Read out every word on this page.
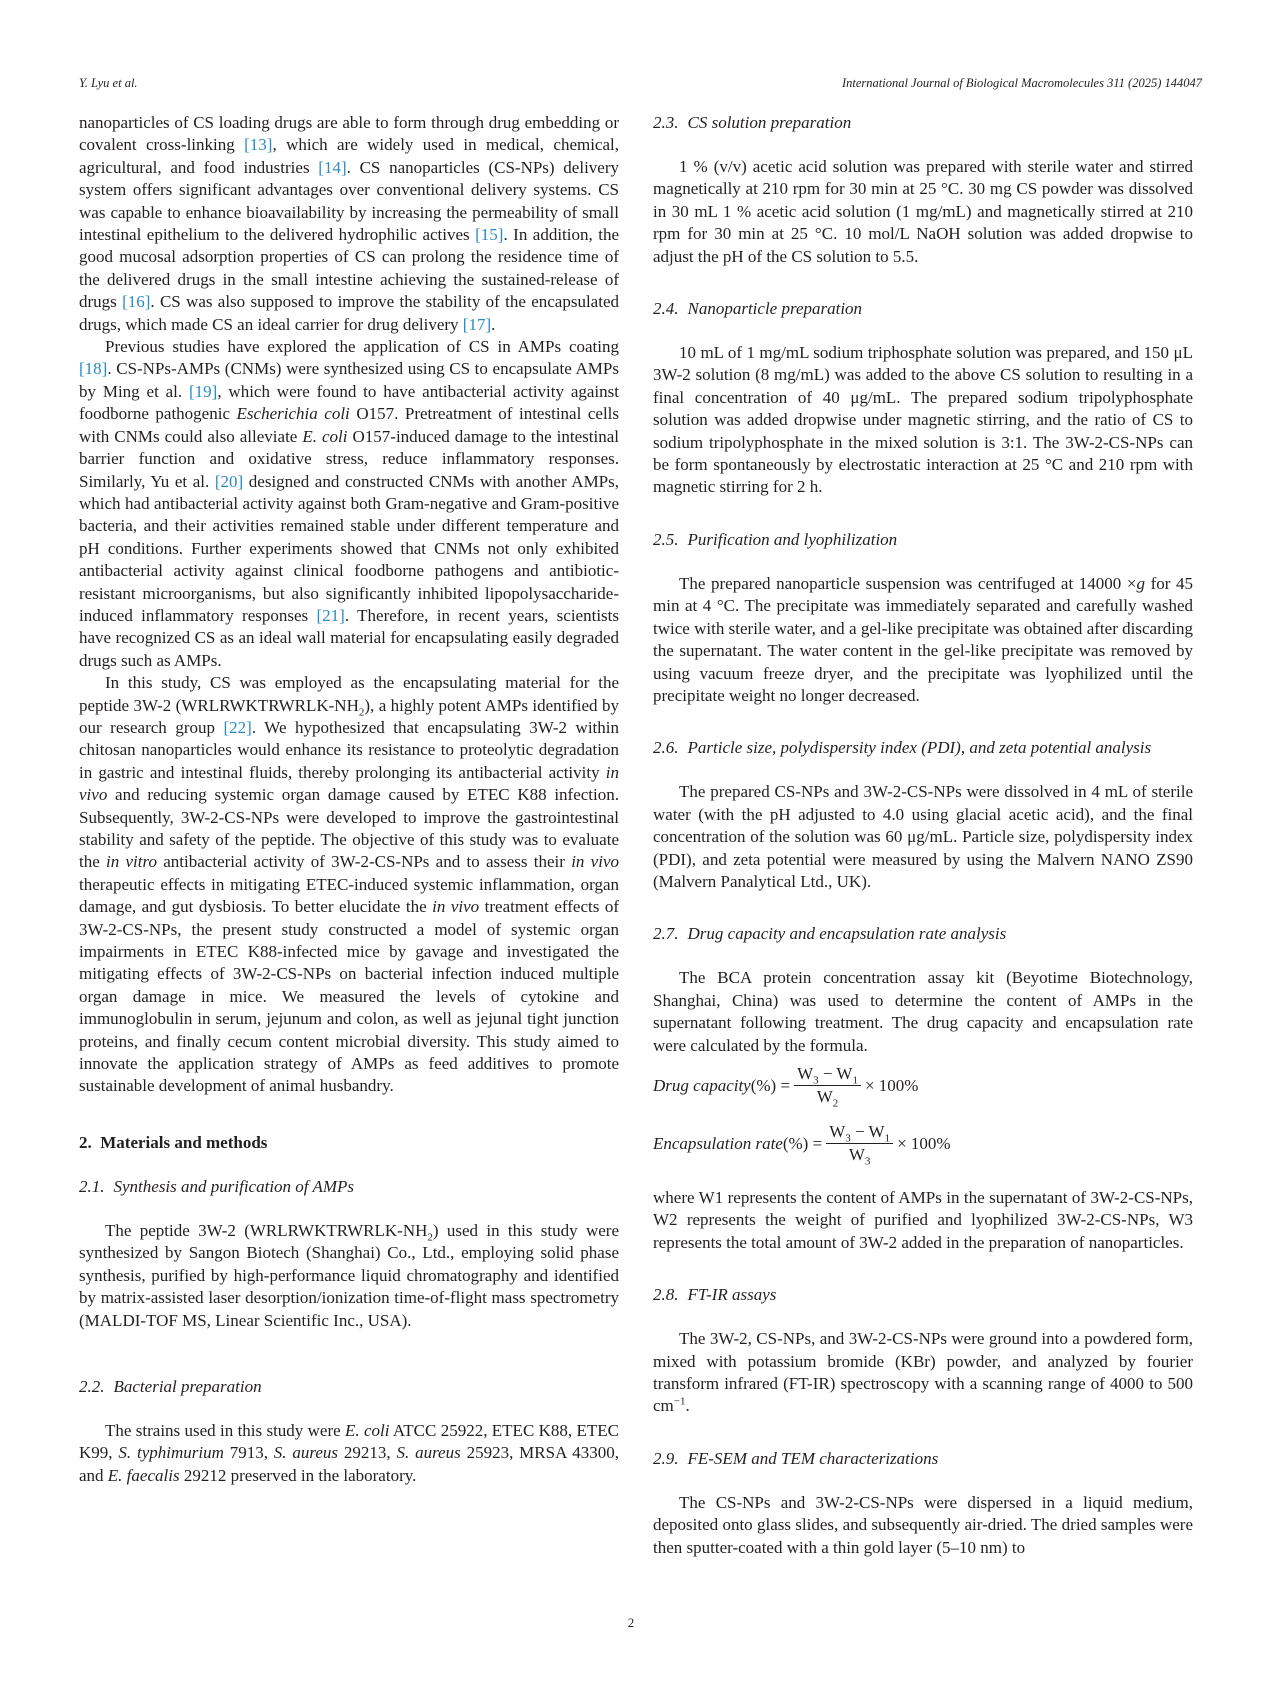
Y. Lyu et al.	International Journal of Biological Macromolecules 311 (2025) 144047

nanoparticles of CS loading drugs are able to form through drug embedding or covalent cross-linking [13], which are widely used in medical, chemical, agricultural, and food industries [14]. CS nanoparticles (CS-NPs) delivery system offers significant advantages over conventional delivery systems. CS was capable to enhance bioavailability by increasing the permeability of small intestinal epithelium to the delivered hydrophilic actives [15]. In addition, the good mucosal adsorption properties of CS can prolong the residence time of the delivered drugs in the small intestine achieving the sustained-release of drugs [16]. CS was also supposed to improve the stability of the encapsulated drugs, which made CS an ideal carrier for drug delivery [17].

Previous studies have explored the application of CS in AMPs coating [18]. CS-NPs-AMPs (CNMs) were synthesized using CS to encapsulate AMPs by Ming et al. [19], which were found to have antibacterial activity against foodborne pathogenic Escherichia coli O157. Pretreatment of intestinal cells with CNMs could also alleviate E. coli O157-induced damage to the intestinal barrier function and oxidative stress, reduce inflammatory responses. Similarly, Yu et al. [20] designed and constructed CNMs with another AMPs, which had antibacterial activity against both Gram-negative and Gram-positive bacteria, and their activities remained stable under different temperature and pH conditions. Further experiments showed that CNMs not only exhibited antibacterial activity against clinical foodborne pathogens and antibiotic-resistant microorganisms, but also significantly inhibited lipopolysaccharide-induced inflammatory responses [21]. Therefore, in recent years, scientists have recognized CS as an ideal wall material for encapsulating easily degraded drugs such as AMPs.

In this study, CS was employed as the encapsulating material for the peptide 3W-2 $(WRLRWKTRWRLK-NH_2)$, a highly potent AMPs identified by our research group [22]. We hypothesized that encapsulating 3W-2 within chitosan nanoparticles would enhance its resistance to proteolytic degradation in gastric and intestinal fluids, thereby prolonging its antibacterial activity in vivo and reducing systemic organ damage caused by ETEC K88 infection. Subsequently, 3W-2-CS-NPs were developed to improve the gastrointestinal stability and safety of the peptide. The objective of this study was to evaluate the in vitro antibacterial activity of 3W-2-CS-NPs and to assess their in vivo therapeutic effects in mitigating ETEC-induced systemic inflammation, organ damage, and gut dysbiosis. To better elucidate the in vivo treatment effects of 3W-2-CS-NPs, the present study constructed a model of systemic organ impairments in ETEC K88-infected mice by gavage and investigated the mitigating effects of 3W-2-CS-NPs on bacterial infection induced multiple organ damage in mice. We measured the levels of cytokine and immunoglobulin in serum, jejunum and colon, as well as jejunal tight junction proteins, and finally cecum content microbial diversity. This study aimed to innovate the application strategy of AMPs as feed additives to promote sustainable development of animal husbandry.

2. Materials and methods
2.1. Synthesis and purification of AMPs

The peptide 3W-2 $(WRLRWKTRWRLK-NH_2)$ used in this study were synthesized by Sangon Biotech (Shanghai) Co., Ltd., employing solid phase synthesis, purified by high-performance liquid chromatography and identified by matrix-assisted laser desorption/ionization time-of-flight mass spectrometry (MALDI-TOF MS, Linear Scientific Inc., USA).

2.2. Bacterial preparation

The strains used in this study were E. coli ATCC 25922, ETEC K88, ETEC K99, S. typhimurium 7913, S. aureus 29213, S. aureus 25923, MRSA 43300, and E. faecalis 29212 preserved in the laboratory.

2.3. CS solution preparation

1 % (v/v) acetic acid solution was prepared with sterile water and stirred magnetically at 210 rpm for 30 min at 25 °C. 30 mg CS powder was dissolved in 30 mL 1 % acetic acid solution (1 mg/mL) and magnetically stirred at 210 rpm for 30 min at 25 °C. 10 mol/L NaOH solution was added dropwise to adjust the pH of the CS solution to 5.5.

2.4. Nanoparticle preparation

10 mL of 1 mg/mL sodium triphosphate solution was prepared, and 150 μL 3W-2 solution (8 mg/mL) was added to the above CS solution to resulting in a final concentration of 40 μg/mL. The prepared sodium tripolyphosphate solution was added dropwise under magnetic stirring, and the ratio of CS to sodium tripolyphosphate in the mixed solution is 3:1. The 3W-2-CS-NPs can be form spontaneously by electrostatic interaction at 25 °C and 210 rpm with magnetic stirring for 2 h.

2.5. Purification and lyophilization

The prepared nanoparticle suspension was centrifuged at 14000 ×g for 45 min at 4 °C. The precipitate was immediately separated and carefully washed twice with sterile water, and a gel-like precipitate was obtained after discarding the supernatant. The water content in the gel-like precipitate was removed by using vacuum freeze dryer, and the precipitate was lyophilized until the precipitate weight no longer decreased.

2.6. Particle size, polydispersity index (PDI), and zeta potential analysis

The prepared CS-NPs and 3W-2-CS-NPs were dissolved in 4 mL of sterile water (with the pH adjusted to 4.0 using glacial acetic acid), and the final concentration of the solution was 60 μg/mL. Particle size, polydispersity index (PDI), and zeta potential were measured by using the Malvern NANO ZS90 (Malvern Panalytical Ltd., UK).

2.7. Drug capacity and encapsulation rate analysis

The BCA protein concentration assay kit (Beyotime Biotechnology, Shanghai, China) was used to determine the content of AMPs in the supernatant following treatment. The drug capacity and encapsulation rate were calculated by the formula.

Drug capacity (%) = $\frac{W_3 - W_1}{W_2} \times 100\%$
Encapsulation rate (%) = $\frac{W_3 - W_1}{W_3} \times 100\%$

where W1 represents the content of AMPs in the supernatant of 3W-2-CS-NPs, W2 represents the weight of purified and lyophilized 3W-2-CS-NPs, W3 represents the total amount of 3W-2 added in the preparation of nanoparticles.

2.8. FT-IR assays

The 3W-2, CS-NPs, and 3W-2-CS-NPs were ground into a powdered form, mixed with potassium bromide (KBr) powder, and analyzed by fourier transform infrared (FT-IR) spectroscopy with a scanning range of 4000 to 500 $cm^{-1}$.

2.9. FE-SEM and TEM characterizations

The CS-NPs and 3W-2-CS-NPs were dispersed in a liquid medium, deposited onto glass slides, and subsequently air-dried. The dried samples were then sputter-coated with a thin gold layer (5–10 nm) to

2
